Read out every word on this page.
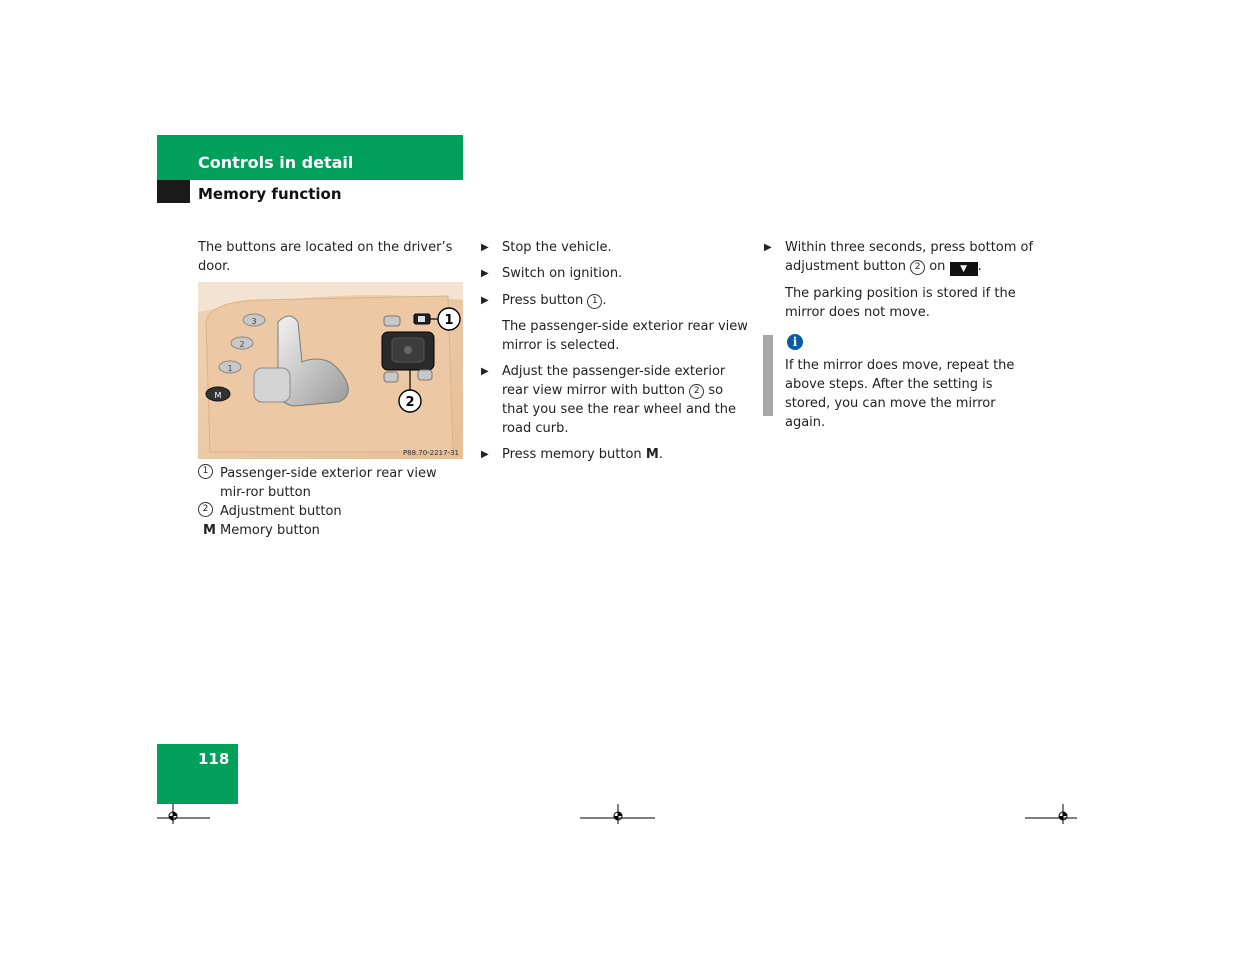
Controls in detail
Memory function
The buttons are located on the driver’s door.
3
2
1
M
1
2
P88.70-2217-31
1 Passenger-side exterior rear view mir-ror button
2 Adjustment button
M Memory button

▶ Stop the vehicle.

▶ Switch on ignition.

▶ Press button 1 .

The passenger-side exterior rear view mirror is selected.

▶ Adjust the passenger-side exterior rear view mirror with button 2 so that you see the rear wheel and the road curb.

▶ Press memory button M.

▶ Within three seconds, press bottom of adjustment button 2 on ▼ .

The parking position is stored if the mirror does not move.

i
If the mirror does move, repeat the above steps. After the setting is stored, you can move the mirror again.
118
